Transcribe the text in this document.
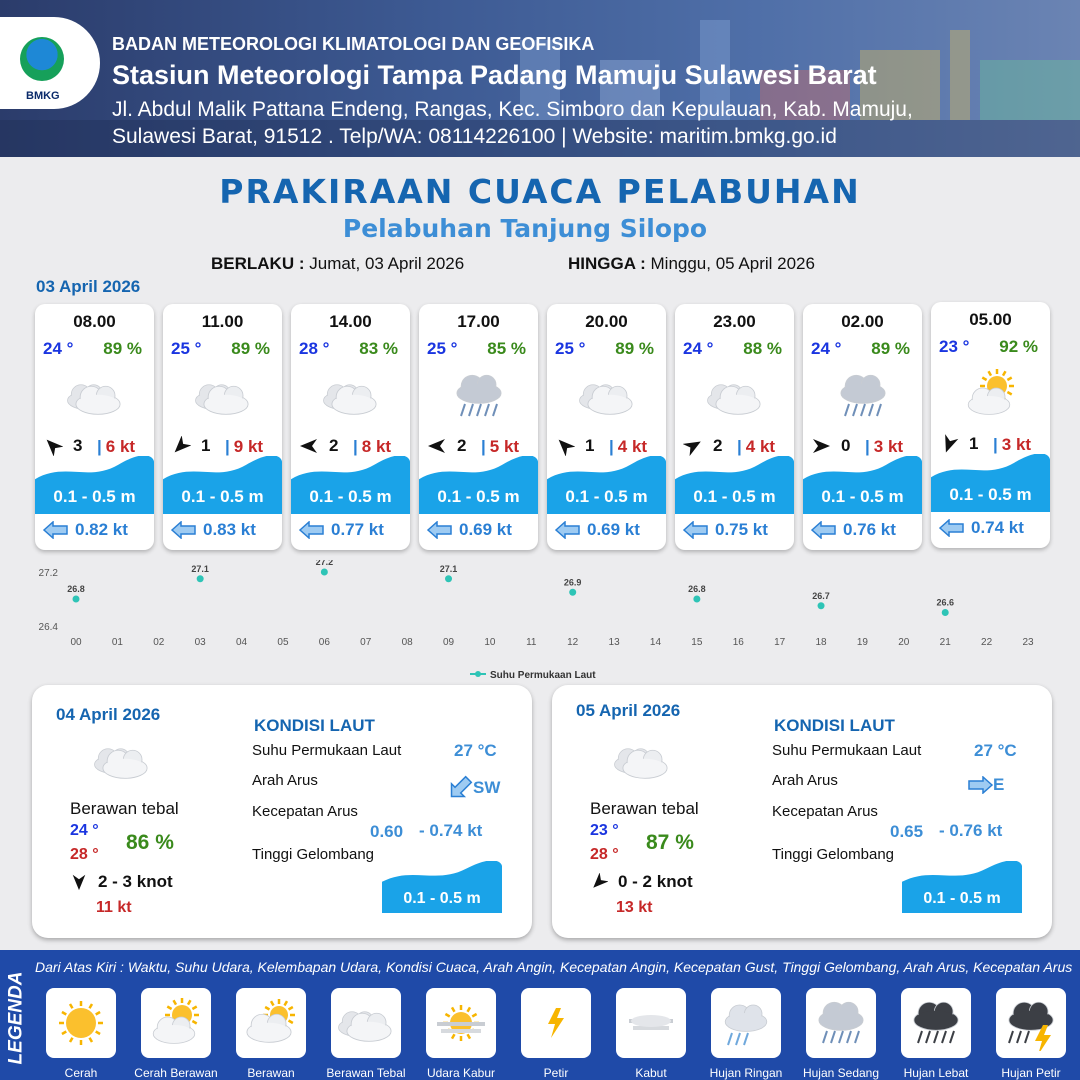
BMKG
BADAN METEOROLOGI KLIMATOLOGI DAN GEOFISIKA
Stasiun Meteorologi Tampa Padang Mamuju Sulawesi Barat
Jl. Abdul Malik Pattana Endeng, Rangas, Kec. Simboro dan Kepulauan, Kab. Mamuju,
Sulawesi Barat, 91512 . Telp/WA: 08114226100 | Website: maritim.bmkg.go.id
PRAKIRAAN CUACA PELABUHAN
Pelabuhan Tanjung Silopo
BERLAKU : Jumat, 03 April 2026	HINGGA : Minggu, 05 April 2026
03 April 2026
08.00
24 ° 89 %
3 | 6 kt
0.1 - 0.5 m
0.82 kt
11.00
25 ° 89 %
1 | 9 kt
0.1 - 0.5 m
0.83 kt
14.00
28 ° 83 %
2 | 8 kt
0.1 - 0.5 m
0.77 kt
17.00
25 ° 85 %
2 | 5 kt
0.1 - 0.5 m
0.69 kt
20.00
25 ° 89 %
1 | 4 kt
0.1 - 0.5 m
0.69 kt
23.00
24 ° 88 %
2 | 4 kt
0.1 - 0.5 m
0.75 kt
02.00
24 ° 89 %
0 | 3 kt
0.1 - 0.5 m
0.76 kt
05.00
23 ° 92 %
1 | 3 kt
0.1 - 0.5 m
0.74 kt
27.2
26.4
00	01	02	03	04	05	06	07	08	09	10	11	12	13	14	15	16	17	18	19	20	21	22	23
26.8
27.1
27.2
27.1
26.9
26.8
26.7
26.6
Suhu Permukaan Laut
04 April 2026
Berawan tebal
24 °
28 °
86 %
2 - 3 knot
11 kt
KONDISI LAUT
Suhu Permukaan Laut	27 °C
Arah Arus	SW
Kecepatan Arus
0.60 - 0.74 kt
Tinggi Gelombang
0.1 - 0.5 m
05 April 2026
Berawan tebal
23 °
28 °
87 %
0 - 2 knot
13 kt
KONDISI LAUT
Suhu Permukaan Laut	27 °C
Arah Arus	E
Kecepatan Arus
0.65 - 0.76 kt
Tinggi Gelombang
0.1 - 0.5 m
LEGENDA
Dari Atas Kiri : Waktu, Suhu Udara, Kelembapan Udara, Kondisi Cuaca, Arah Angin, Kecepatan Angin, Kecepatan Gust, Tinggi Gelombang, Arah Arus, Kecepatan Arus
Cerah	Cerah Berawan	Berawan	Berawan Tebal	Udara Kabur	Petir	Kabut	Hujan Ringan	Hujan Sedang	Hujan Lebat	Hujan Petir
